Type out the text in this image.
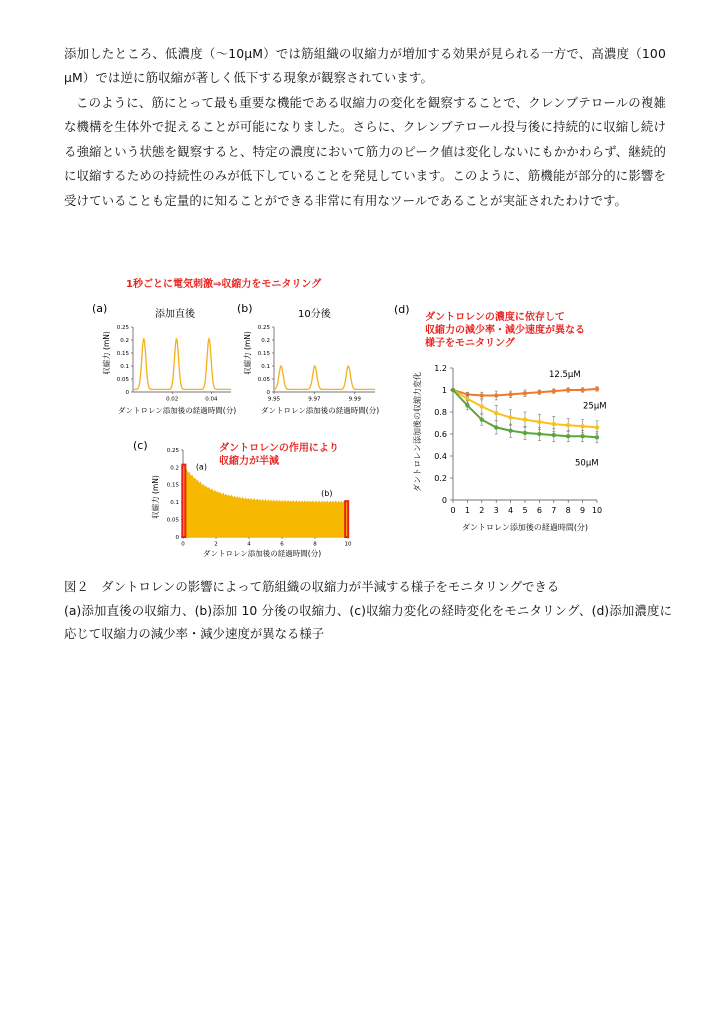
添加したところ、低濃度（～10μM）では筋組織の収縮力が増加する効果が見られる一方で、高濃度（100 μM）では逆に筋収縮が著しく低下する現象が観察されています。

このように、筋にとって最も重要な機能である収縮力の変化を観察することで、クレンブテロールの複雑な機構を生体外で捉えることが可能になりました。さらに、クレンブテロール投与後に持続的に収縮し続ける強縮という状態を観察すると、特定の濃度において筋力のピーク値は変化しないにもかかわらず、継続的に収縮するための持続性のみが低下していることを発見しています。このように、筋機能が部分的に影響を受けていることも定量的に知ることができる非常に有用なツールであることが実証されたわけです。

1秒ごとに電気刺激⇒収縮力をモニタリング
(a)	添加直後
収縮力 (mN)
0
0.05
0.1
0.15
0.2
0.25
0.02	0.04
ダントロレン添加後の経過時間(分)
(b)	10分後
収縮力 (mN)
0
0.05
0.1
0.15
0.2
0.25
9.95	9.97	9.99
ダントロレン添加後の経過時間(分)
(c)	ダントロレンの作用により
収縮力が半減
収縮力 (mN)
0
0.05
0.1
0.15
0.2
0.25
0	2	4	6	8	10
(a)
(b)
ダントロレン添加後の経過時間(分)
(d)
ダントロレンの濃度に依存して
収縮力の減少率・減少速度が異なる
様子をモニタリング
ダントロレン添加後の収縮力変化
0
0.2
0.4
0.6
0.8
1
1.2
0 1 2 3 4 5 6 7 8 9 10
12.5μM
25μM
50μM
ダントロレン添加後の経過時間(分)

図２　ダントロレンの影響によって筋組織の収縮力が半減する様子をモニタリングできる

(a)添加直後の収縮力、(b)添加 10 分後の収縮力、(c)収縮力変化の経時変化をモニタリング、(d)添加濃度に応じて収縮力の減少率・減少速度が異なる様子
